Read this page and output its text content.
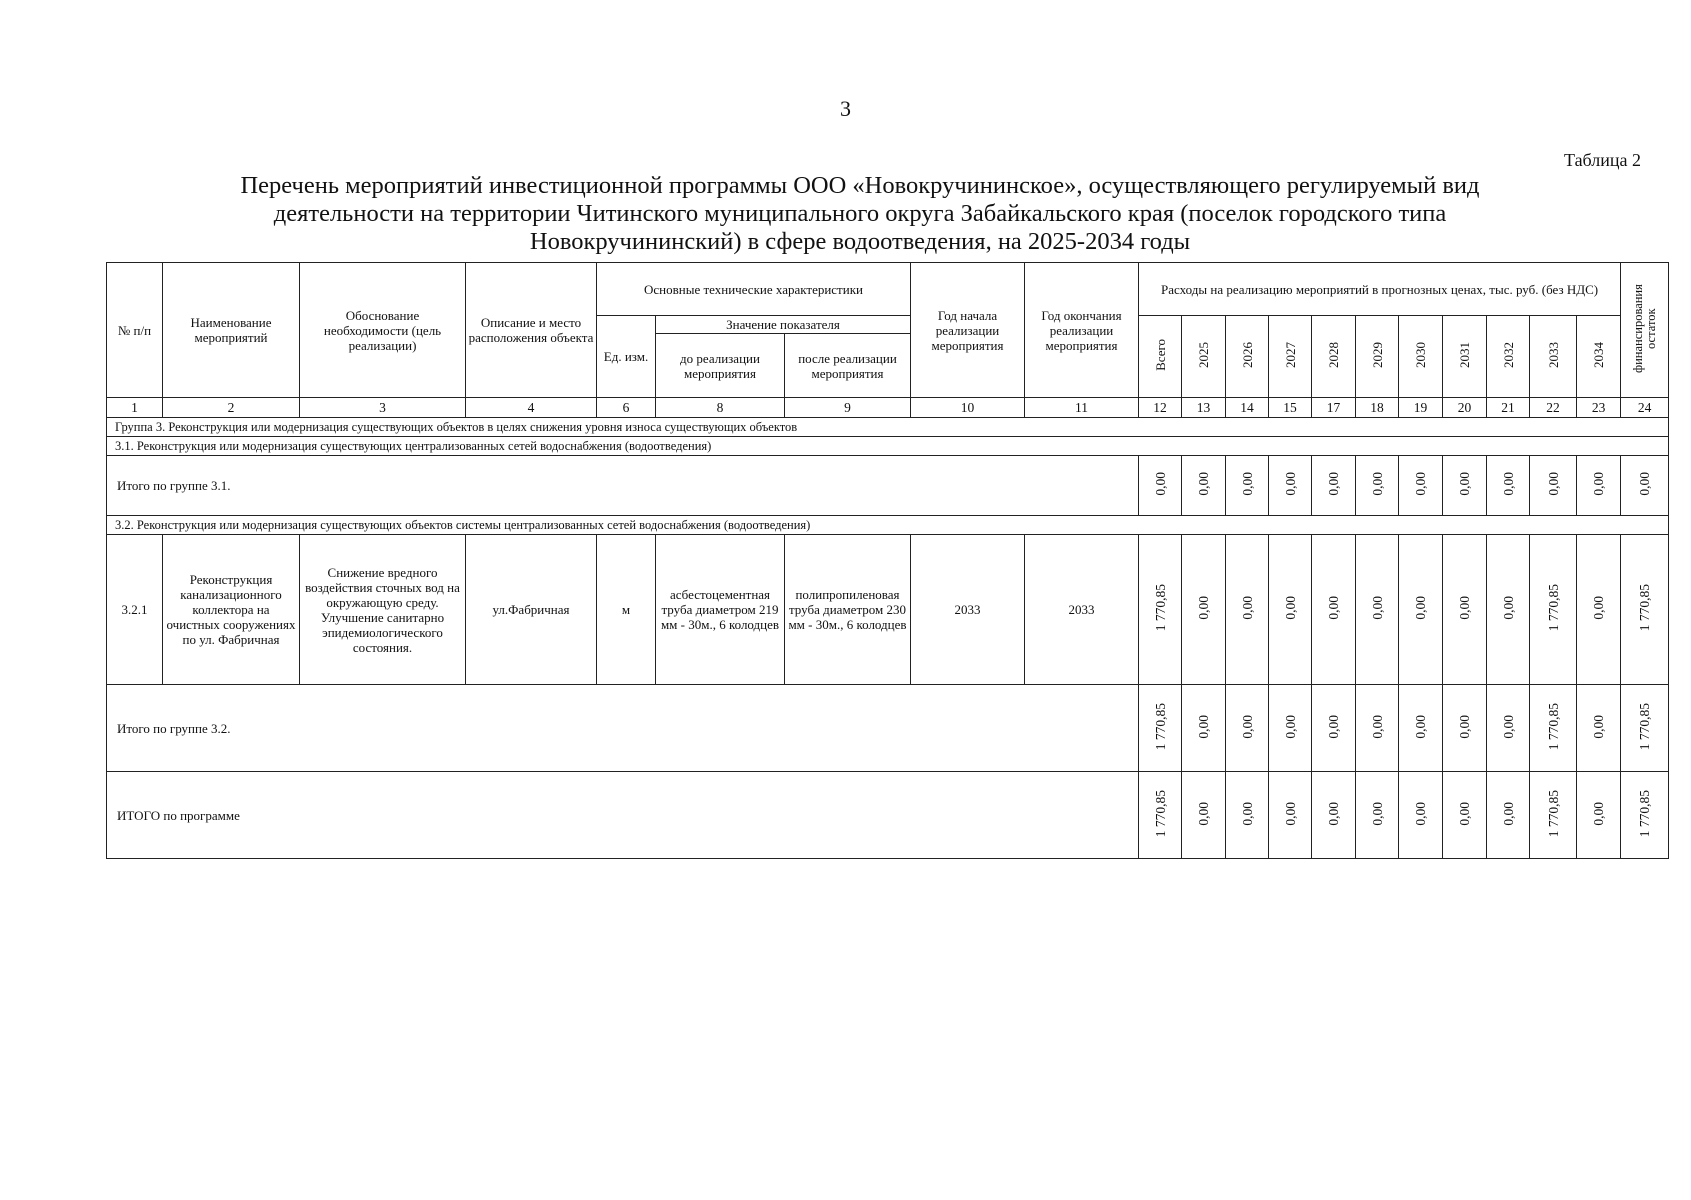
3
Таблица 2
Перечень мероприятий инвестиционной программы ООО «Новокручининское», осуществляющего регулируемый вид
деятельности на территории Читинского муниципального округа Забайкальского края (поселок городского типа
Новокручининский) в сфере водоотведения, на 2025-2034 годы
№ п/п	Наименование мероприятий	Обоснование необходимости (цель реализации)	Описание и место расположения объекта	Основные технические характеристики			Год начала реализации мероприятия	Год окончания реализации мероприятия	Расходы на реализацию мероприятий в прогнозных ценах, тыс. руб. (без НДС)											финансирования остаток
				Ед. изм.	Значение показателя				Всего	2025	2026	2027	2028	2029	2030	2031	2032	2033	2034	
					до реализации мероприятия	после реализации мероприятия														
1	2	3	4	6	8	9	10	11	12	13	14	15	17	18	19	20	21	22	23	24
Группа 3. Реконструкция или модернизация существующих объектов в целях снижения уровня износа существующих объектов																				
3.1. Реконструкция или модернизация существующих централизованных сетей водоснабжения (водоотведения)																				
Итого по группе 3.1.									0,00	0,00	0,00	0,00	0,00	0,00	0,00	0,00	0,00	0,00	0,00	0,00
3.2. Реконструкция или модернизация существующих объектов системы централизованных сетей водоснабжения (водоотведения)																				
3.2.1	Реконструкция канализационного коллектора на очистных сооружениях по ул. Фабричная	Снижение вредного воздействия сточных вод на окружающую среду. Улучшение санитарно эпидемиологического состояния.	ул.Фабричная	м	асбестоцементная труба диаметром 219 мм - 30м., 6 колодцев	полипропиленовая труба диаметром 230 мм - 30м., 6 колодцев	2033	2033	1 770,85	0,00	0,00	0,00	0,00	0,00	0,00	0,00	0,00	1 770,85	0,00	1 770,85
Итого по группе 3.2.									1 770,85	0,00	0,00	0,00	0,00	0,00	0,00	0,00	0,00	1 770,85	0,00	1 770,85
ИТОГО по программе									1 770,85	0,00	0,00	0,00	0,00	0,00	0,00	0,00	0,00	1 770,85	0,00	1 770,85
